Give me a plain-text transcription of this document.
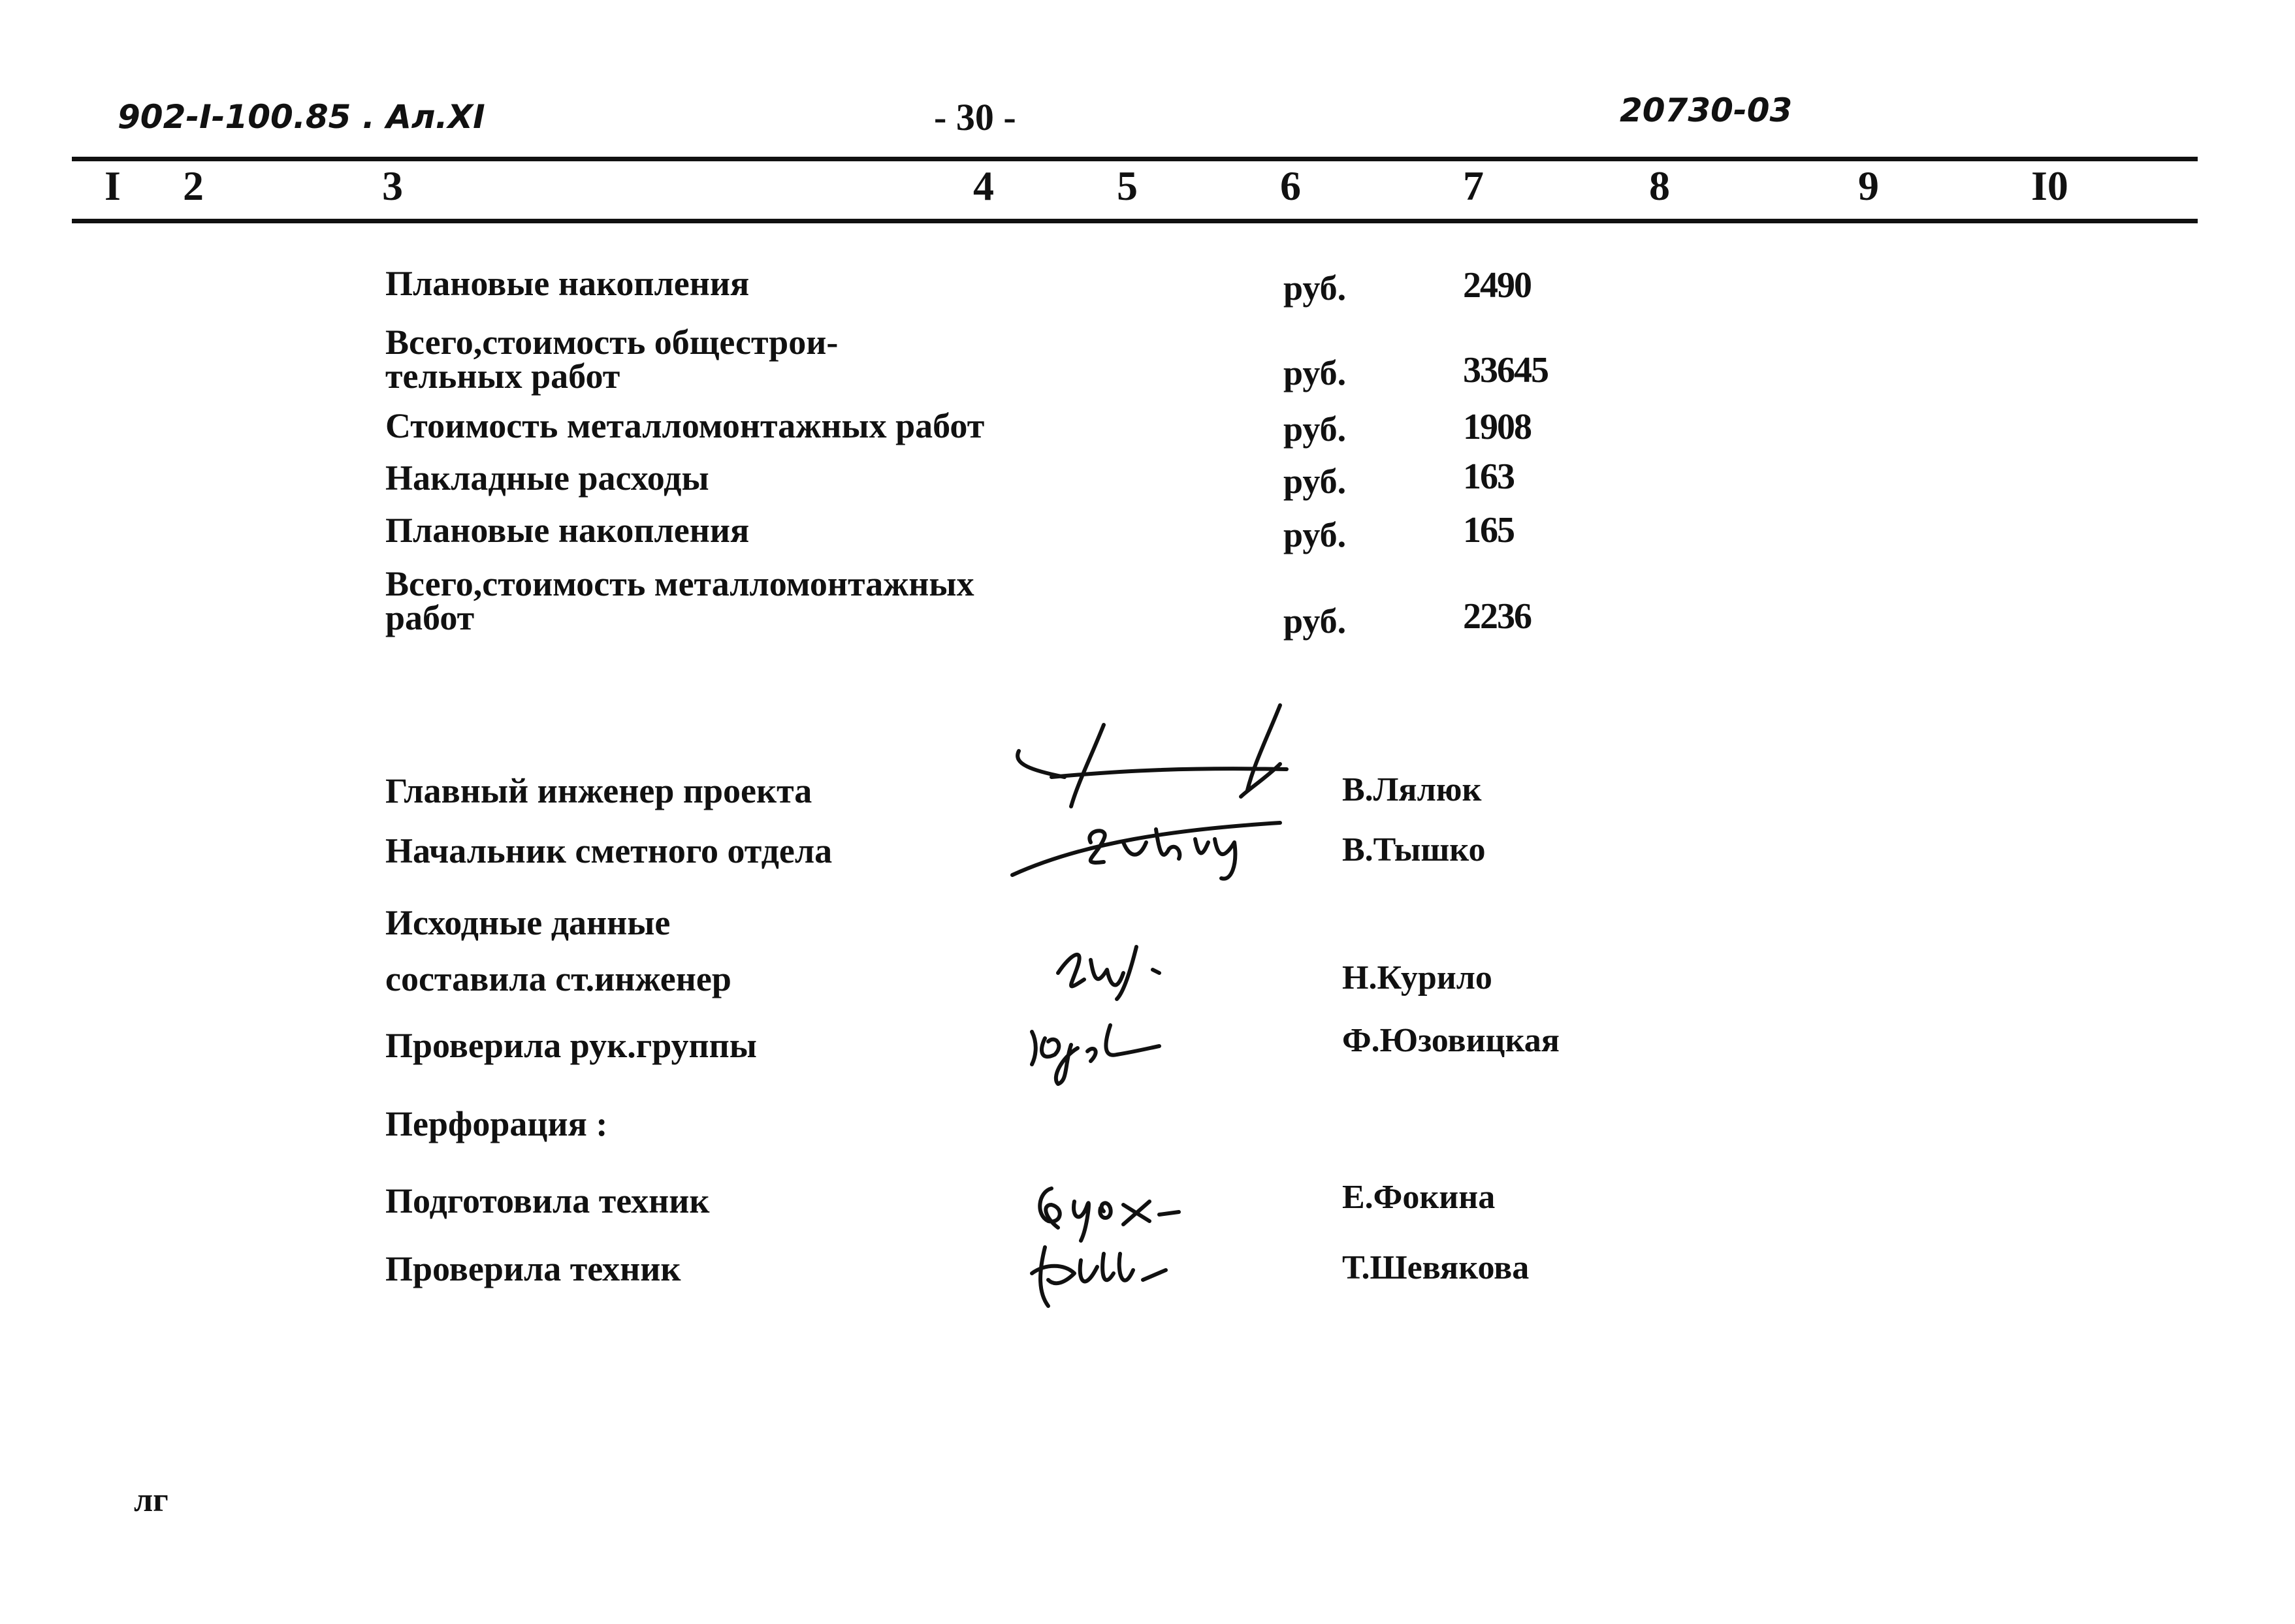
902-I-100.85 . Ал.XI	- 30 -	20730-03
I 2	3	4	5	6	7	8	9	I0
Плановые накопления	руб.	2490
Всего,стоимость общестрои-
тельных работ	руб.	33645
Стоимость металломонтажных работ	руб.	1908
Накладные расходы	руб.	163
Плановые накопления	руб.	165
Всего,стоимость металломонтажных
работ	руб.	2236
Главный инженер проекта	В.Лялюк
Начальник сметного отдела	В.Тышко
Исходные данные
составила ст.инженер	Н.Курило
Проверила рук.группы	Ф.Юзовицкая
Перфорация :
Подготовила техник	Е.Фокина
Проверила техник	Т.Шевякова
лг
